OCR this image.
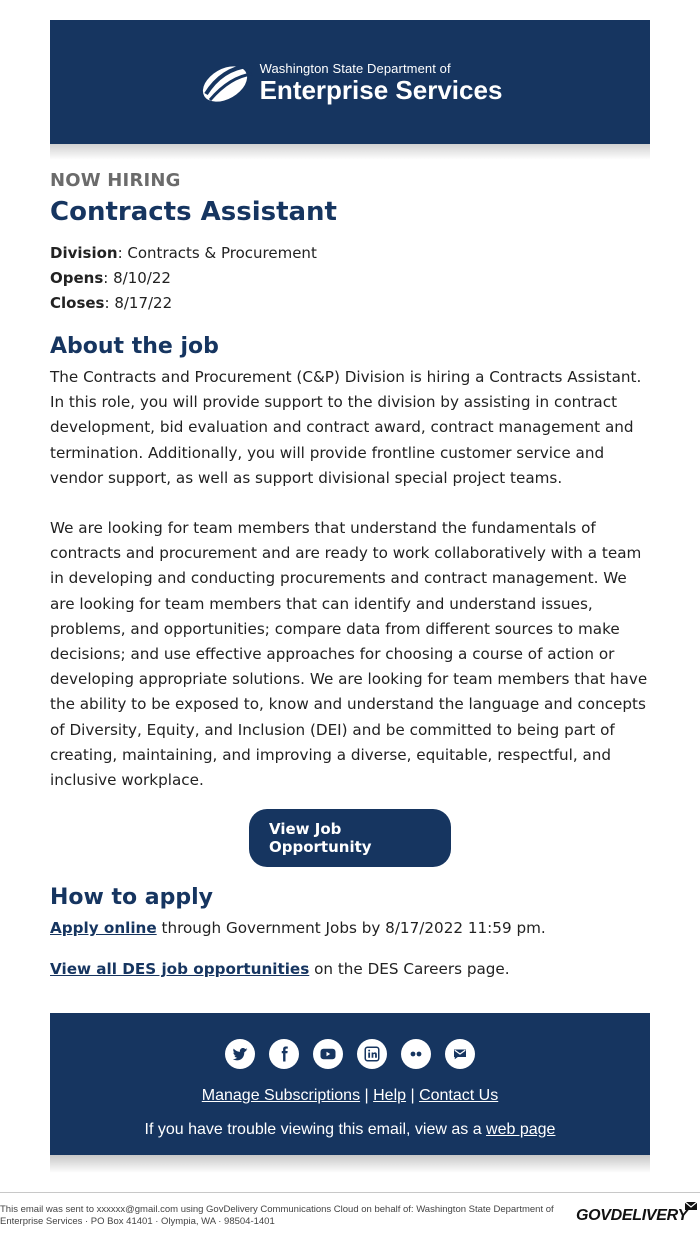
Washington State Department of
Enterprise Services
NOW HIRING
Contracts Assistant
Division: Contracts & Procurement
Opens: 8/10/22
Closes: 8/17/22
About the job

The Contracts and Procurement (C&P) Division is hiring a Contracts Assistant. In this role, you will provide support to the division by assisting in contract development, bid evaluation and contract award, contract management and termination. Additionally, you will provide frontline customer service and vendor support, as well as support divisional special project teams.

We are looking for team members that understand the fundamentals of contracts and procurement and are ready to work collaboratively with a team in developing and conducting procurements and contract management. We are looking for team members that can identify and understand issues, problems, and opportunities; compare data from different sources to make decisions; and use effective approaches for choosing a course of action or developing appropriate solutions. We are looking for team members that have the ability to be exposed to, know and understand the language and concepts of Diversity, Equity, and Inclusion (DEI) and be committed to being part of creating, maintaining, and improving a diverse, equitable, respectful, and inclusive workplace.

View Job Opportunity
How to apply
Apply online through Government Jobs by 8/17/2022 11:59 pm.
View all DES job opportunities on the DES Careers page.
Manage Subscriptions | Help | Contact Us
If you have trouble viewing this email, view as a web page
This email was sent to xxxxxx@gmail.com using GovDelivery Communications Cloud on behalf of: Washington State Department of Enterprise Services · PO Box 41401 · Olympia, WA · 98504-1401	GOVDELIVERY
